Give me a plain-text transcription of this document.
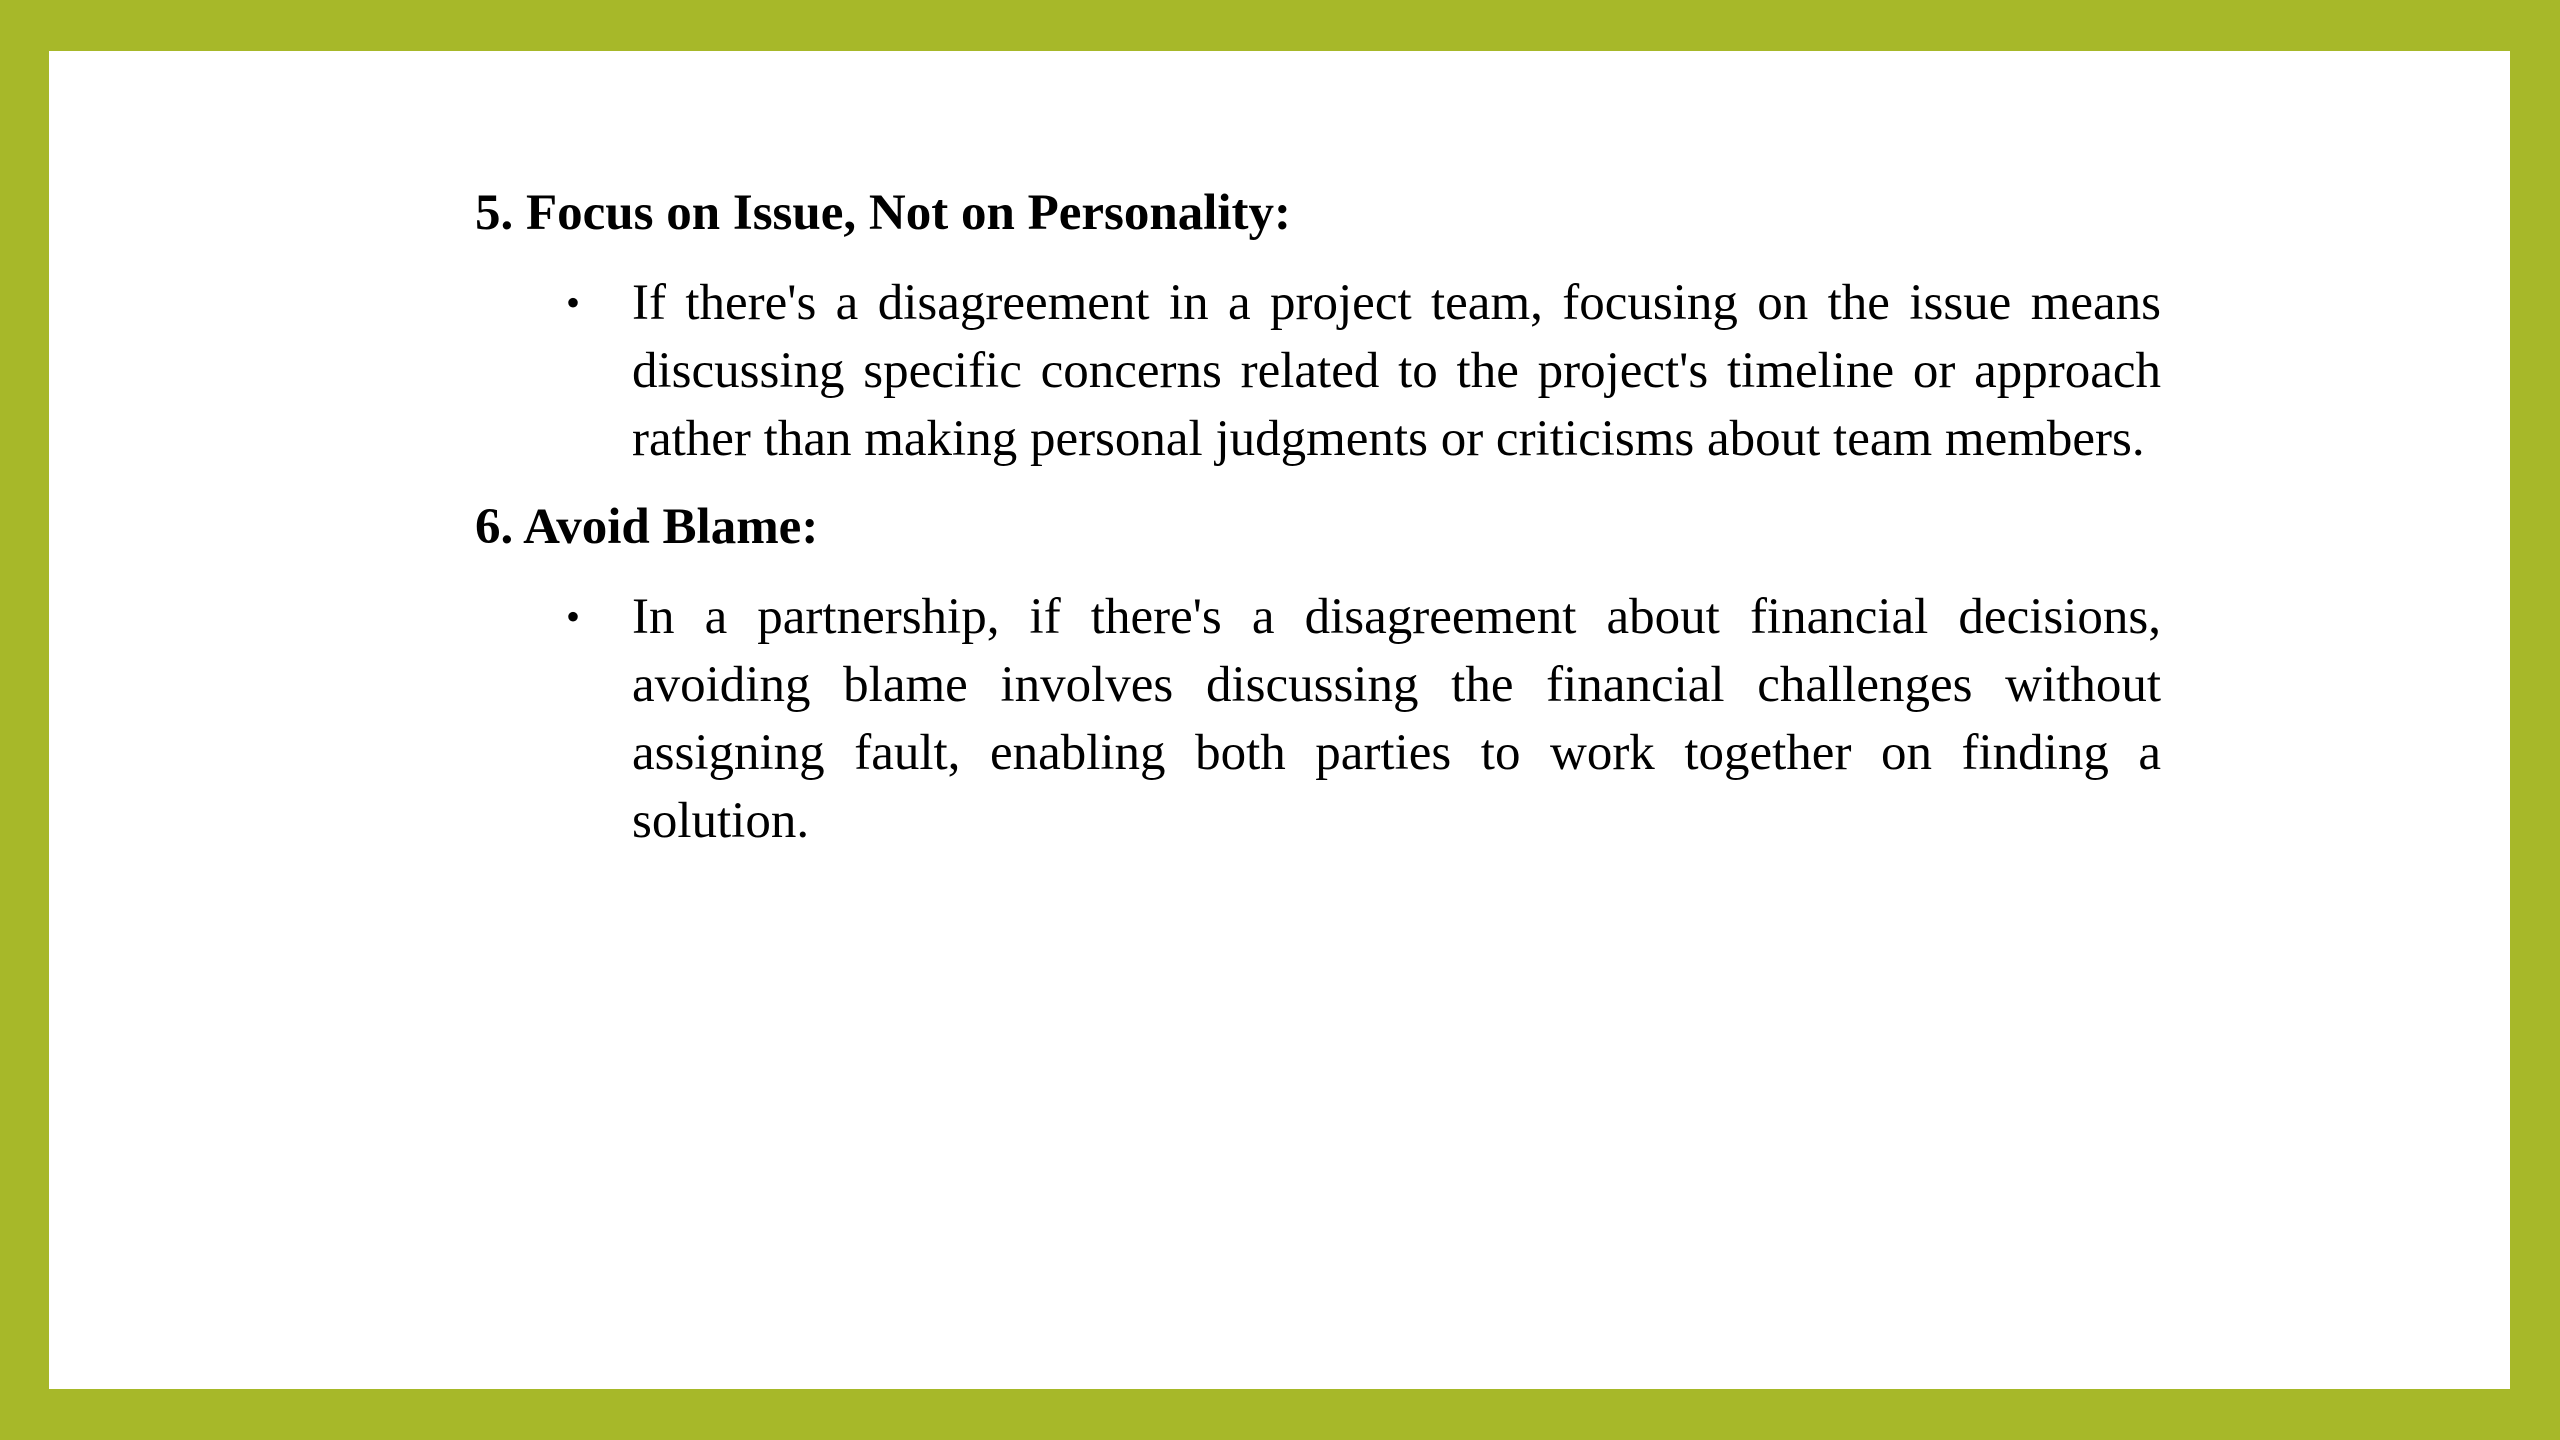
5. Focus on Issue, Not on Personality:

• If there's a disagreement in a project team, focusing on the issue means discussing specific concerns related to the project's timeline or approach rather than making personal judgments or criticisms about team members.

6. Avoid Blame:

• In a partnership, if there's a disagreement about financial decisions, avoiding blame involves discussing the financial challenges without assigning fault, enabling both parties to work together on finding a solution.
